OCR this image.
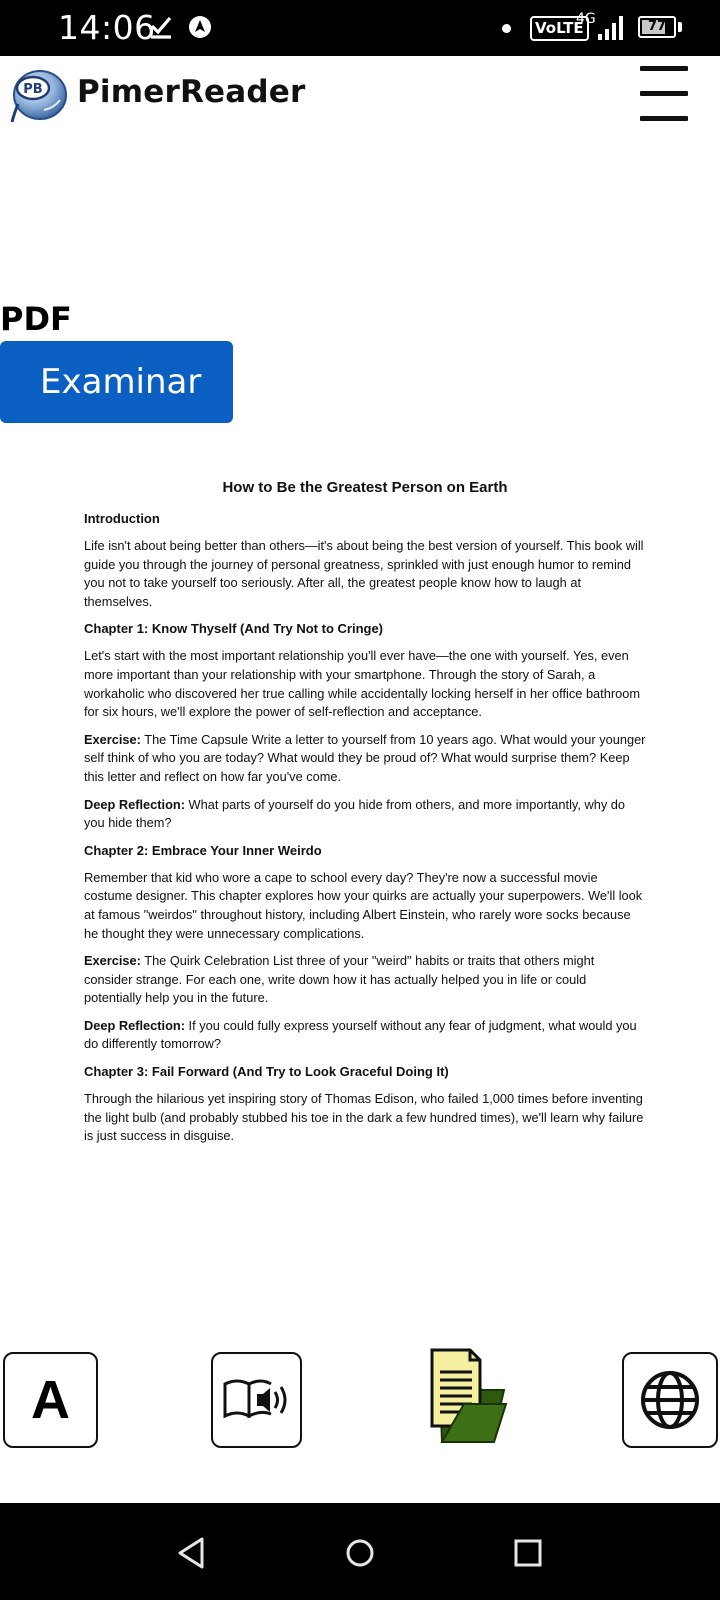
14:06	VoLTE
4G	77
PB PimerReader
PDF
Examinar
How to Be the Greatest Person on Earth
Introduction

Life isn't about being better than others—it's about being the best version of yourself. This book will guide you through the journey of personal greatness, sprinkled with just enough humor to remind you not to take yourself too seriously. After all, the greatest people know how to laugh at themselves.

Chapter 1: Know Thyself (And Try Not to Cringe)

Let's start with the most important relationship you'll ever have—the one with yourself. Yes, even more important than your relationship with your smartphone. Through the story of Sarah, a workaholic who discovered her true calling while accidentally locking herself in her office bathroom for six hours, we'll explore the power of self-reflection and acceptance.

Exercise: The Time Capsule Write a letter to yourself from 10 years ago. What would your younger self think of who you are today? What would they be proud of? What would surprise them? Keep this letter and reflect on how far you've come.

Deep Reflection: What parts of yourself do you hide from others, and more importantly, why do you hide them?

Chapter 2: Embrace Your Inner Weirdo

Remember that kid who wore a cape to school every day? They're now a successful movie costume designer. This chapter explores how your quirks are actually your superpowers. We'll look at famous "weirdos" throughout history, including Albert Einstein, who rarely wore socks because he thought they were unnecessary complications.

Exercise: The Quirk Celebration List three of your "weird" habits or traits that others might consider strange. For each one, write down how it has actually helped you in life or could potentially help you in the future.

Deep Reflection: If you could fully express yourself without any fear of judgment, what would you do differently tomorrow?

Chapter 3: Fail Forward (And Try to Look Graceful Doing It)

Through the hilarious yet inspiring story of Thomas Edison, who failed 1,000 times before inventing the light bulb (and probably stubbed his toe in the dark a few hundred times), we'll learn why failure is just success in disguise.

A
